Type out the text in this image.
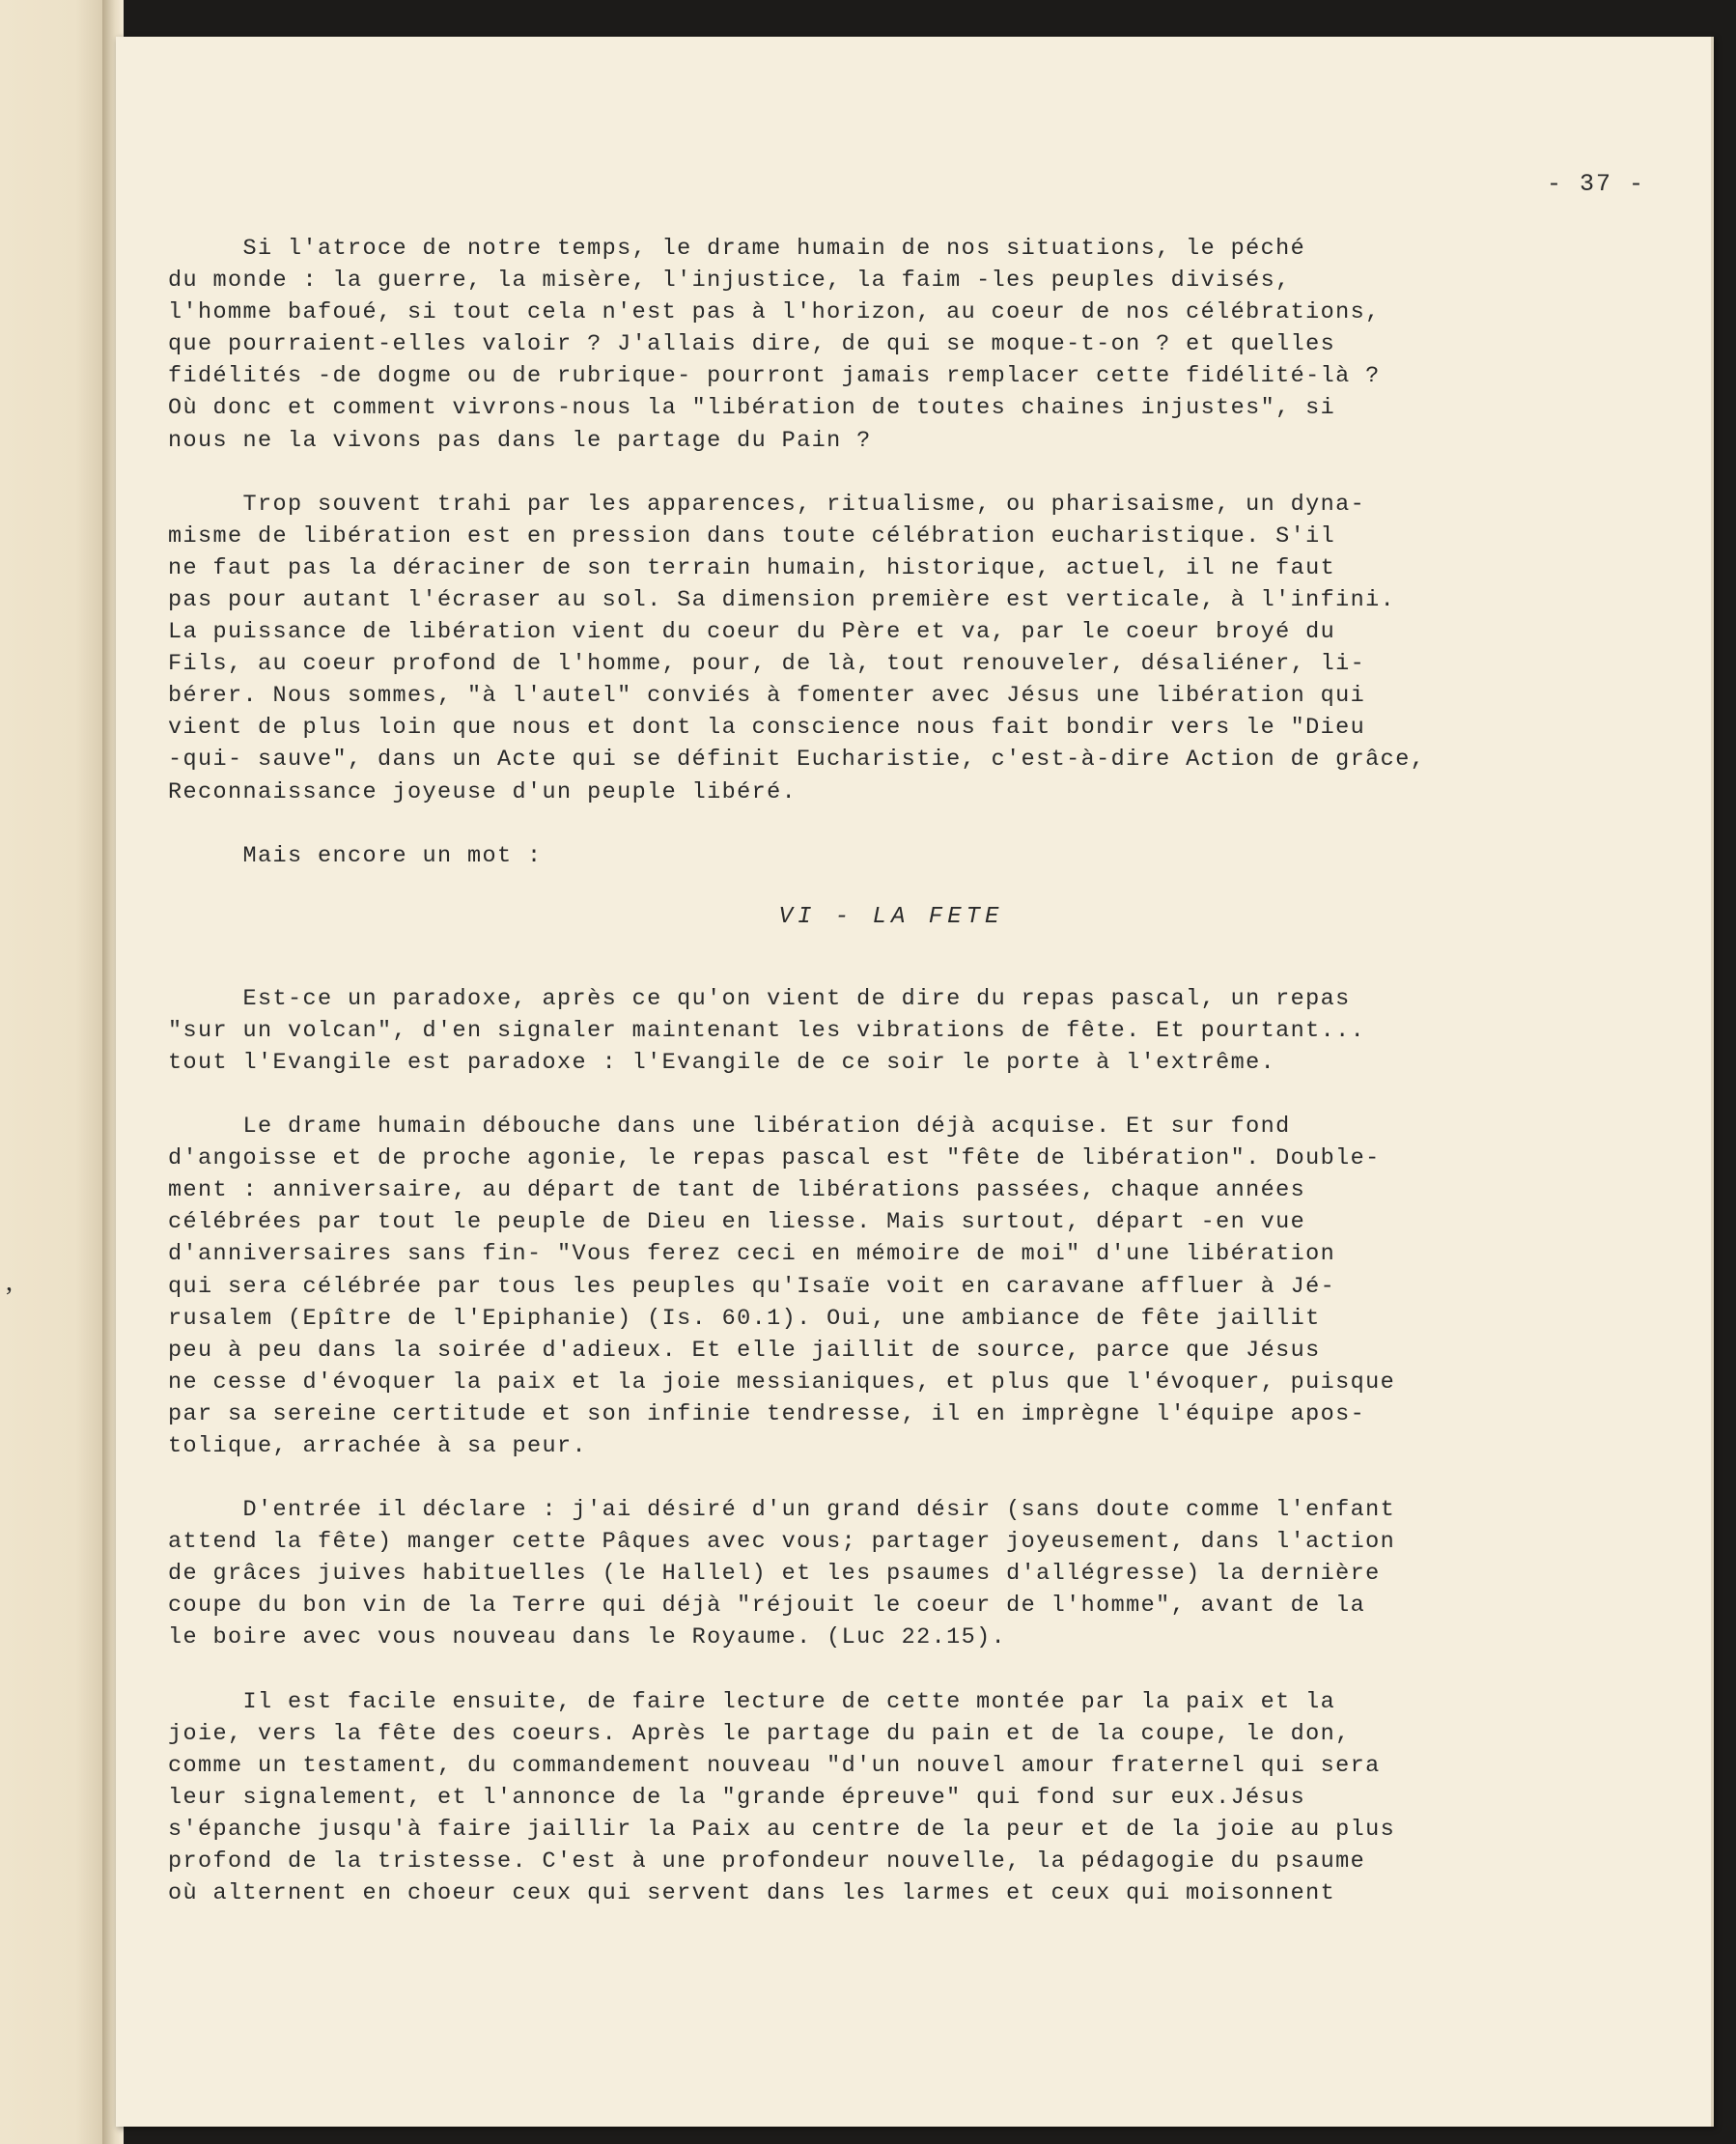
,
- 37 -
Si l'atroce de notre temps, le drame humain de nos situations, le péché
du monde : la guerre, la misère, l'injustice, la faim -les peuples divisés,
l'homme bafoué, si tout cela n'est pas à l'horizon, au coeur de nos célébrations,
que pourraient-elles valoir ? J'allais dire, de qui se moque-t-on ? et quelles
fidélités -de dogme ou de rubrique- pourront jamais remplacer cette fidélité-là ?
Où donc et comment vivrons-nous la "libération de toutes chaines injustes", si
nous ne la vivons pas dans le partage du Pain ?
Trop souvent trahi par les apparences, ritualisme, ou pharisaisme, un dyna-
misme de libération est en pression dans toute célébration eucharistique. S'il
ne faut pas la déraciner de son terrain humain, historique, actuel, il ne faut
pas pour autant l'écraser au sol. Sa dimension première est verticale, à l'infini.
La puissance de libération vient du coeur du Père et va, par le coeur broyé du
Fils, au coeur profond de l'homme, pour, de là, tout renouveler, désaliéner, li-
bérer. Nous sommes, "à l'autel" conviés à fomenter avec Jésus une libération qui
vient de plus loin que nous et dont la conscience nous fait bondir vers le "Dieu
-qui- sauve", dans un Acte qui se définit Eucharistie, c'est-à-dire Action de grâce,
Reconnaissance joyeuse d'un peuple libéré.
Mais encore un mot :
VI - LA FETE
Est-ce un paradoxe, après ce qu'on vient de dire du repas pascal, un repas
"sur un volcan", d'en signaler maintenant les vibrations de fête. Et pourtant...
tout l'Evangile est paradoxe : l'Evangile de ce soir le porte à l'extrême.
Le drame humain débouche dans une libération déjà acquise. Et sur fond
d'angoisse et de proche agonie, le repas pascal est "fête de libération". Double-
ment : anniversaire, au départ de tant de libérations passées, chaque années
célébrées par tout le peuple de Dieu en liesse. Mais surtout, départ -en vue
d'anniversaires sans fin- "Vous ferez ceci en mémoire de moi" d'une libération
qui sera célébrée par tous les peuples qu'Isaïe voit en caravane affluer à Jé-
rusalem (Epître de l'Epiphanie) (Is. 60.1). Oui, une ambiance de fête jaillit
peu à peu dans la soirée d'adieux. Et elle jaillit de source, parce que Jésus
ne cesse d'évoquer la paix et la joie messianiques, et plus que l'évoquer, puisque
par sa sereine certitude et son infinie tendresse, il en imprègne l'équipe apos-
tolique, arrachée à sa peur.
D'entrée il déclare : j'ai désiré d'un grand désir (sans doute comme l'enfant
attend la fête) manger cette Pâques avec vous; partager joyeusement, dans l'action
de grâces juives habituelles (le Hallel) et les psaumes d'allégresse) la dernière
coupe du bon vin de la Terre qui déjà "réjouit le coeur de l'homme", avant de la
le boire avec vous nouveau dans le Royaume. (Luc 22.15).
Il est facile ensuite, de faire lecture de cette montée par la paix et la
joie, vers la fête des coeurs. Après le partage du pain et de la coupe, le don,
comme un testament, du commandement nouveau "d'un nouvel amour fraternel qui sera
leur signalement, et l'annonce de la "grande épreuve" qui fond sur eux.Jésus
s'épanche jusqu'à faire jaillir la Paix au centre de la peur et de la joie au plus
profond de la tristesse. C'est à une profondeur nouvelle, la pédagogie du psaume
où alternent en choeur ceux qui servent dans les larmes et ceux qui moisonnent
